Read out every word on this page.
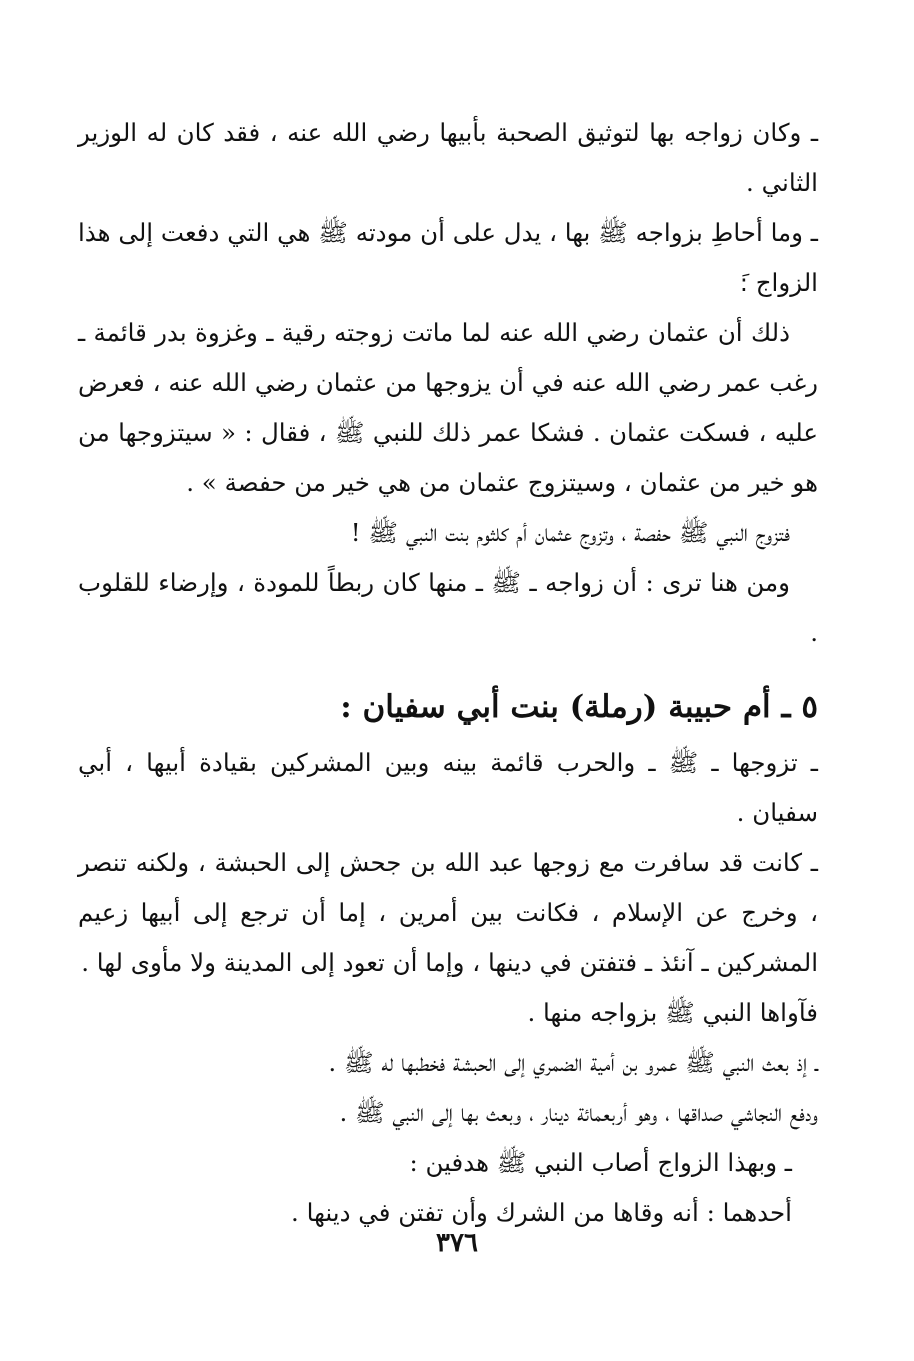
ـ وكان زواجه بها لتوثيق الصحبة بأبيها رضي الله عنه ، فقد كان له الوزير الثاني .

ـ وما أحاطِ بزواجه ﷺ بها ، يدل على أن مودته ﷺ هي التي دفعت إلى هذا الزواج :َ

ذلك أن عثمان رضي الله عنه لما ماتت زوجته رقية ـ وغزوة بدر قائمة ـ رغب عمر رضي الله عنه في أن يزوجها من عثمان رضي الله عنه ، فعرض عليه ، فسكت عثمان . فشكا عمر ذلك للنبي ﷺ ، فقال : « سيتزوجها من هو خير من عثمان ، وسيتزوج عثمان من هي خير من حفصة » .

فتزوج النبي ﷺ حفصة ، وتزوج عثمان أم كلثوم بنت النبي ﷺ !

ومن هنا ترى : أن زواجه ـ ﷺ ـ منها كان ربطاً للمودة ، وإرضاء للقلوب .

٥ ـ أم حبيبة (رملة) بنت أبي سفيان :

ـ تزوجها ـ ﷺ ـ والحرب قائمة بينه وبين المشركين بقيادة أبيها ، أبي سفيان .

ـ كانت قد سافرت مع زوجها عبد الله بن جحش إلى الحبشة ، ولكنه تنصر ، وخرج عن الإسلام ، فكانت بين أمرين ، إما أن ترجع إلى أبيها زعيم المشركين ـ آنئذ ـ فتفتن في دينها ، وإما أن تعود إلى المدينة ولا مأوى لها .

فآواها النبي ﷺ بزواجه منها .

ـ إذ بعث النبي ﷺ عمرو بن أمية الضمري إلى الحبشة فخطبها له ﷺ .

ودفع النجاشي صداقها ، وهو أربعمائة دينار ، وبعث بها إلى النبي ﷺ .

ـ وبهذا الزواج أصاب النبي ﷺ هدفين :

أحدهما : أنه وقاها من الشرك وأن تفتن في دينها .

٣٧٦
